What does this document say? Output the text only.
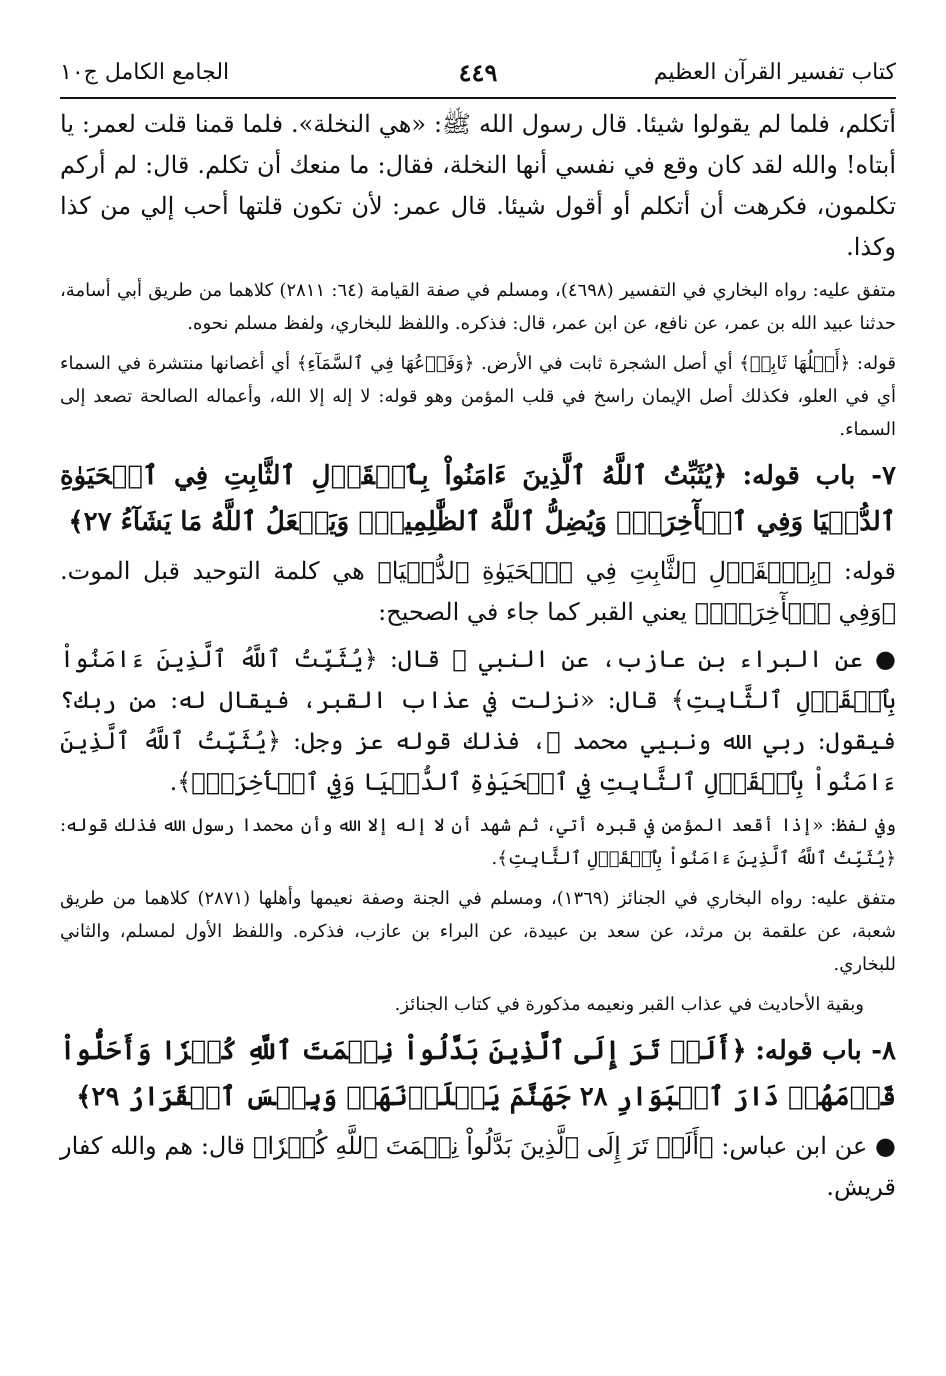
كتاب تفسير القرآن العظيم
٤٤٩
الجامع الكامل ج١٠

أتكلم، فلما لم يقولوا شيئا. قال رسول الله ﷺ: «هي النخلة». فلما قمنا قلت لعمر: يا أبتاه! والله لقد كان وقع في نفسي أنها النخلة، فقال: ما منعك أن تكلم. قال: لم أركم تكلمون، فكرهت أن أتكلم أو أقول شيئا. قال عمر: لأن تكون قلتها أحب إلي من كذا وكذا.

متفق عليه: رواه البخاري في التفسير (٤٦٩٨)، ومسلم في صفة القيامة (٦٤: ٢٨١١) كلاهما من طريق أبي أسامة، حدثنا عبيد الله بن عمر، عن نافع، عن ابن عمر، قال: فذكره. واللفظ للبخاري، ولفظ مسلم نحوه.

قوله: ﴿أَصۡلُهَا ثَابِتٞ﴾ أي أصل الشجرة ثابت في الأرض. ﴿وَفَرۡعُهَا فِي ٱلسَّمَآءِ﴾ أي أغصانها منتشرة في السماء أي في العلو، فكذلك أصل الإيمان راسخ في قلب المؤمن وهو قوله: لا إله إلا الله، وأعماله الصالحة تصعد إلى السماء.

٧- باب قوله: ﴿يُثَبِّتُ ٱللَّهُ ٱلَّذِينَ ءَامَنُواْ بِٱلۡقَوۡلِ ٱلثَّابِتِ فِي ٱلۡحَيَوٰةِ ٱلدُّنۡيَا وَفِي ٱلۡأٓخِرَةِۖ وَيُضِلُّ ٱللَّهُ ٱلظَّٰلِمِينَۚ وَيَفۡعَلُ ٱللَّهُ مَا يَشَآءُ ٢٧﴾

قوله: ﴿بِٱلۡقَوۡلِ ٱلثَّابِتِ فِي ٱلۡحَيَوٰةِ ٱلدُّنۡيَا﴾ هي كلمة التوحيد قبل الموت. ﴿وَفِي ٱلۡأٓخِرَةِۖ﴾ يعني القبر كما جاء في الصحيح:

● عن البراء بن عازب، عن النبي ﷺ قال: ﴿يُثَبِّتُ ٱللَّهُ ٱلَّذِينَ ءَامَنُواْ بِٱلۡقَوۡلِ ٱلثَّابِتِ﴾ قال: «نزلت في عذاب القبر، فيقال له: من ربك؟ فيقول: ربي الله ونبيي محمد ﷺ، فذلك قوله عز وجل: ﴿يُثَبِّتُ ٱللَّهُ ٱلَّذِينَ ءَامَنُواْ بِٱلۡقَوۡلِ ٱلثَّابِتِ فِي ٱلۡحَيَوٰةِ ٱلدُّنۡيَا وَفِي ٱلۡأٓخِرَةِۖ﴾.

وفي لفظ: «إذا أقعد المؤمن في قبره أتي، ثم شهد أن لا إله إلا الله وأن محمدا رسول الله فذلك قوله: ﴿يُثَبِّتُ ٱللَّهُ ٱلَّذِينَ ءَامَنُواْ بِٱلۡقَوۡلِ ٱلثَّابِتِ﴾.

متفق عليه: رواه البخاري في الجنائز (١٣٦٩)، ومسلم في الجنة وصفة نعيمها وأهلها (٢٨٧١) كلاهما من طريق شعبة، عن علقمة بن مرثد، عن سعد بن عبيدة، عن البراء بن عازب، فذكره. واللفظ الأول لمسلم، والثاني للبخاري.

وبقية الأحاديث في عذاب القبر ونعيمه مذكورة في كتاب الجنائز.

٨- باب قوله: ﴿أَلَمۡ تَرَ إِلَى ٱلَّذِينَ بَدَّلُواْ نِعۡمَتَ ٱللَّهِ كُفۡرٗا وَأَحَلُّواْ قَوۡمَهُمۡ دَارَ ٱلۡبَوَارِ ٢٨ جَهَنَّمَ يَصۡلَوۡنَهَاۖ وَبِئۡسَ ٱلۡقَرَارُ ٢٩﴾

● عن ابن عباس: ﴿أَلَمۡ تَرَ إِلَى ٱلَّذِينَ بَدَّلُواْ نِعۡمَتَ ٱللَّهِ كُفۡرٗا﴾ قال: هم والله كفار قريش.
